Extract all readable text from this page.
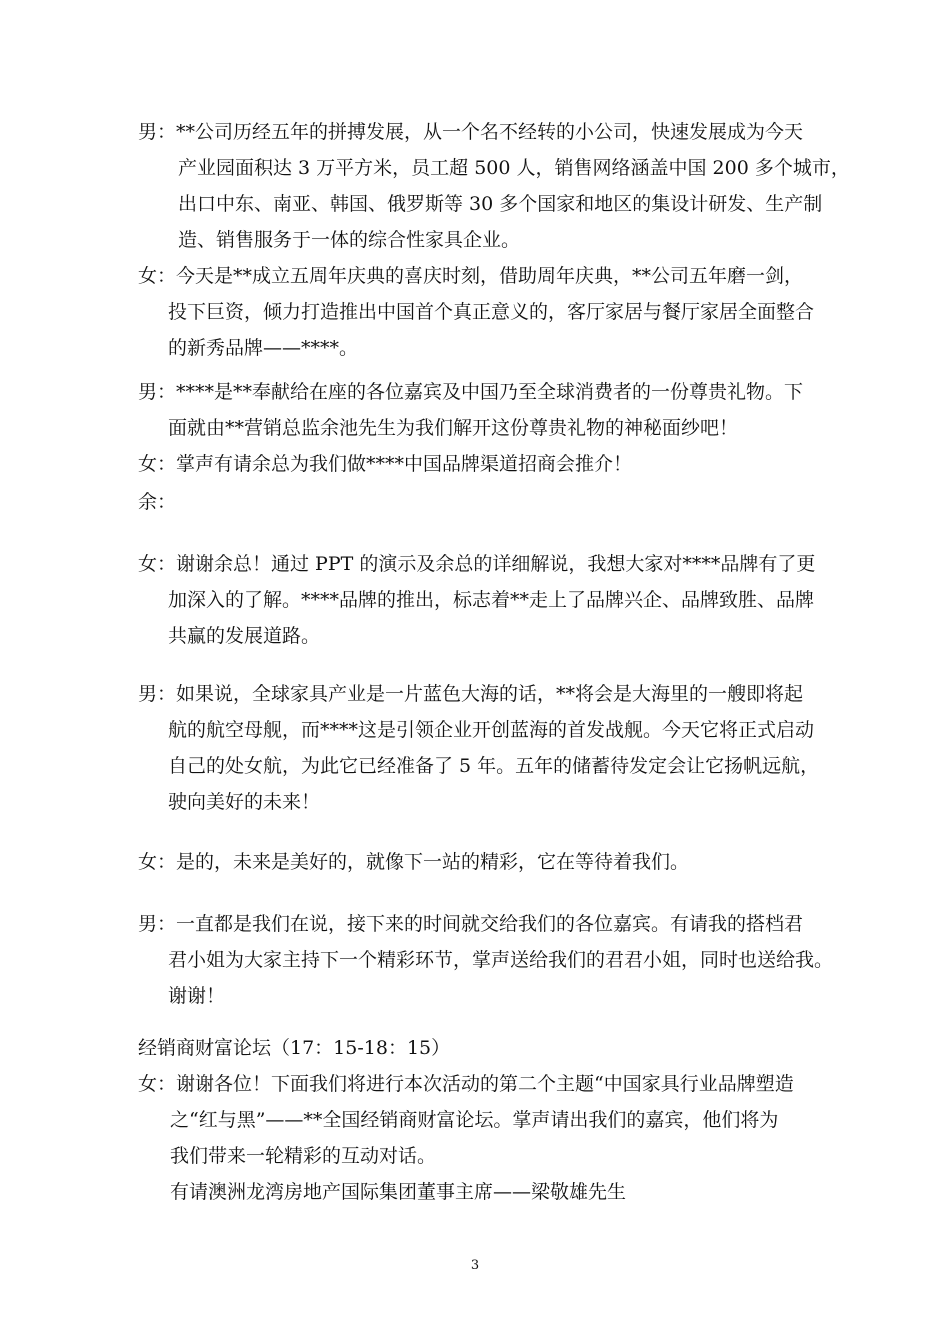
男：**公司历经五年的拼搏发展，从一个名不经转的小公司，快速发展成为今天
产业园面积达 3 万平方米，员工超 500 人，销售网络涵盖中国 200 多个城市，
出口中东、南亚、韩国、俄罗斯等 30 多个国家和地区的集设计研发、生产制
造、销售服务于一体的综合性家具企业。

女：今天是**成立五周年庆典的喜庆时刻，借助周年庆典，**公司五年磨一剑，
投下巨资，倾力打造推出中国首个真正意义的，客厅家居与餐厅家居全面整合
的新秀品牌——****。

男：****是**奉献给在座的各位嘉宾及中国乃至全球消费者的一份尊贵礼物。下
面就由**营销总监余池先生为我们解开这份尊贵礼物的神秘面纱吧！

女：掌声有请余总为我们做****中国品牌渠道招商会推介！

余：

女：谢谢余总！通过 PPT 的演示及余总的详细解说，我想大家对****品牌有了更
加深入的了解。****品牌的推出，标志着**走上了品牌兴企、品牌致胜、品牌
共赢的发展道路。

男：如果说，全球家具产业是一片蓝色大海的话，**将会是大海里的一艘即将起
航的航空母舰，而****这是引领企业开创蓝海的首发战舰。今天它将正式启动
自己的处女航，为此它已经准备了 5 年。五年的储蓄待发定会让它扬帆远航，
驶向美好的未来！

女：是的，未来是美好的，就像下一站的精彩，它在等待着我们。

男：一直都是我们在说，接下来的时间就交给我们的各位嘉宾。有请我的搭档君
君小姐为大家主持下一个精彩环节，掌声送给我们的君君小姐，同时也送给我。
谢谢！

经销商财富论坛（17：15-18：15）

女：谢谢各位！下面我们将进行本次活动的第二个主题“中国家具行业品牌塑造
之“红与黑”——**全国经销商财富论坛。掌声请出我们的嘉宾，他们将为
我们带来一轮精彩的互动对话。
有请澳洲龙湾房地产国际集团董事主席——梁敬雄先生

3
